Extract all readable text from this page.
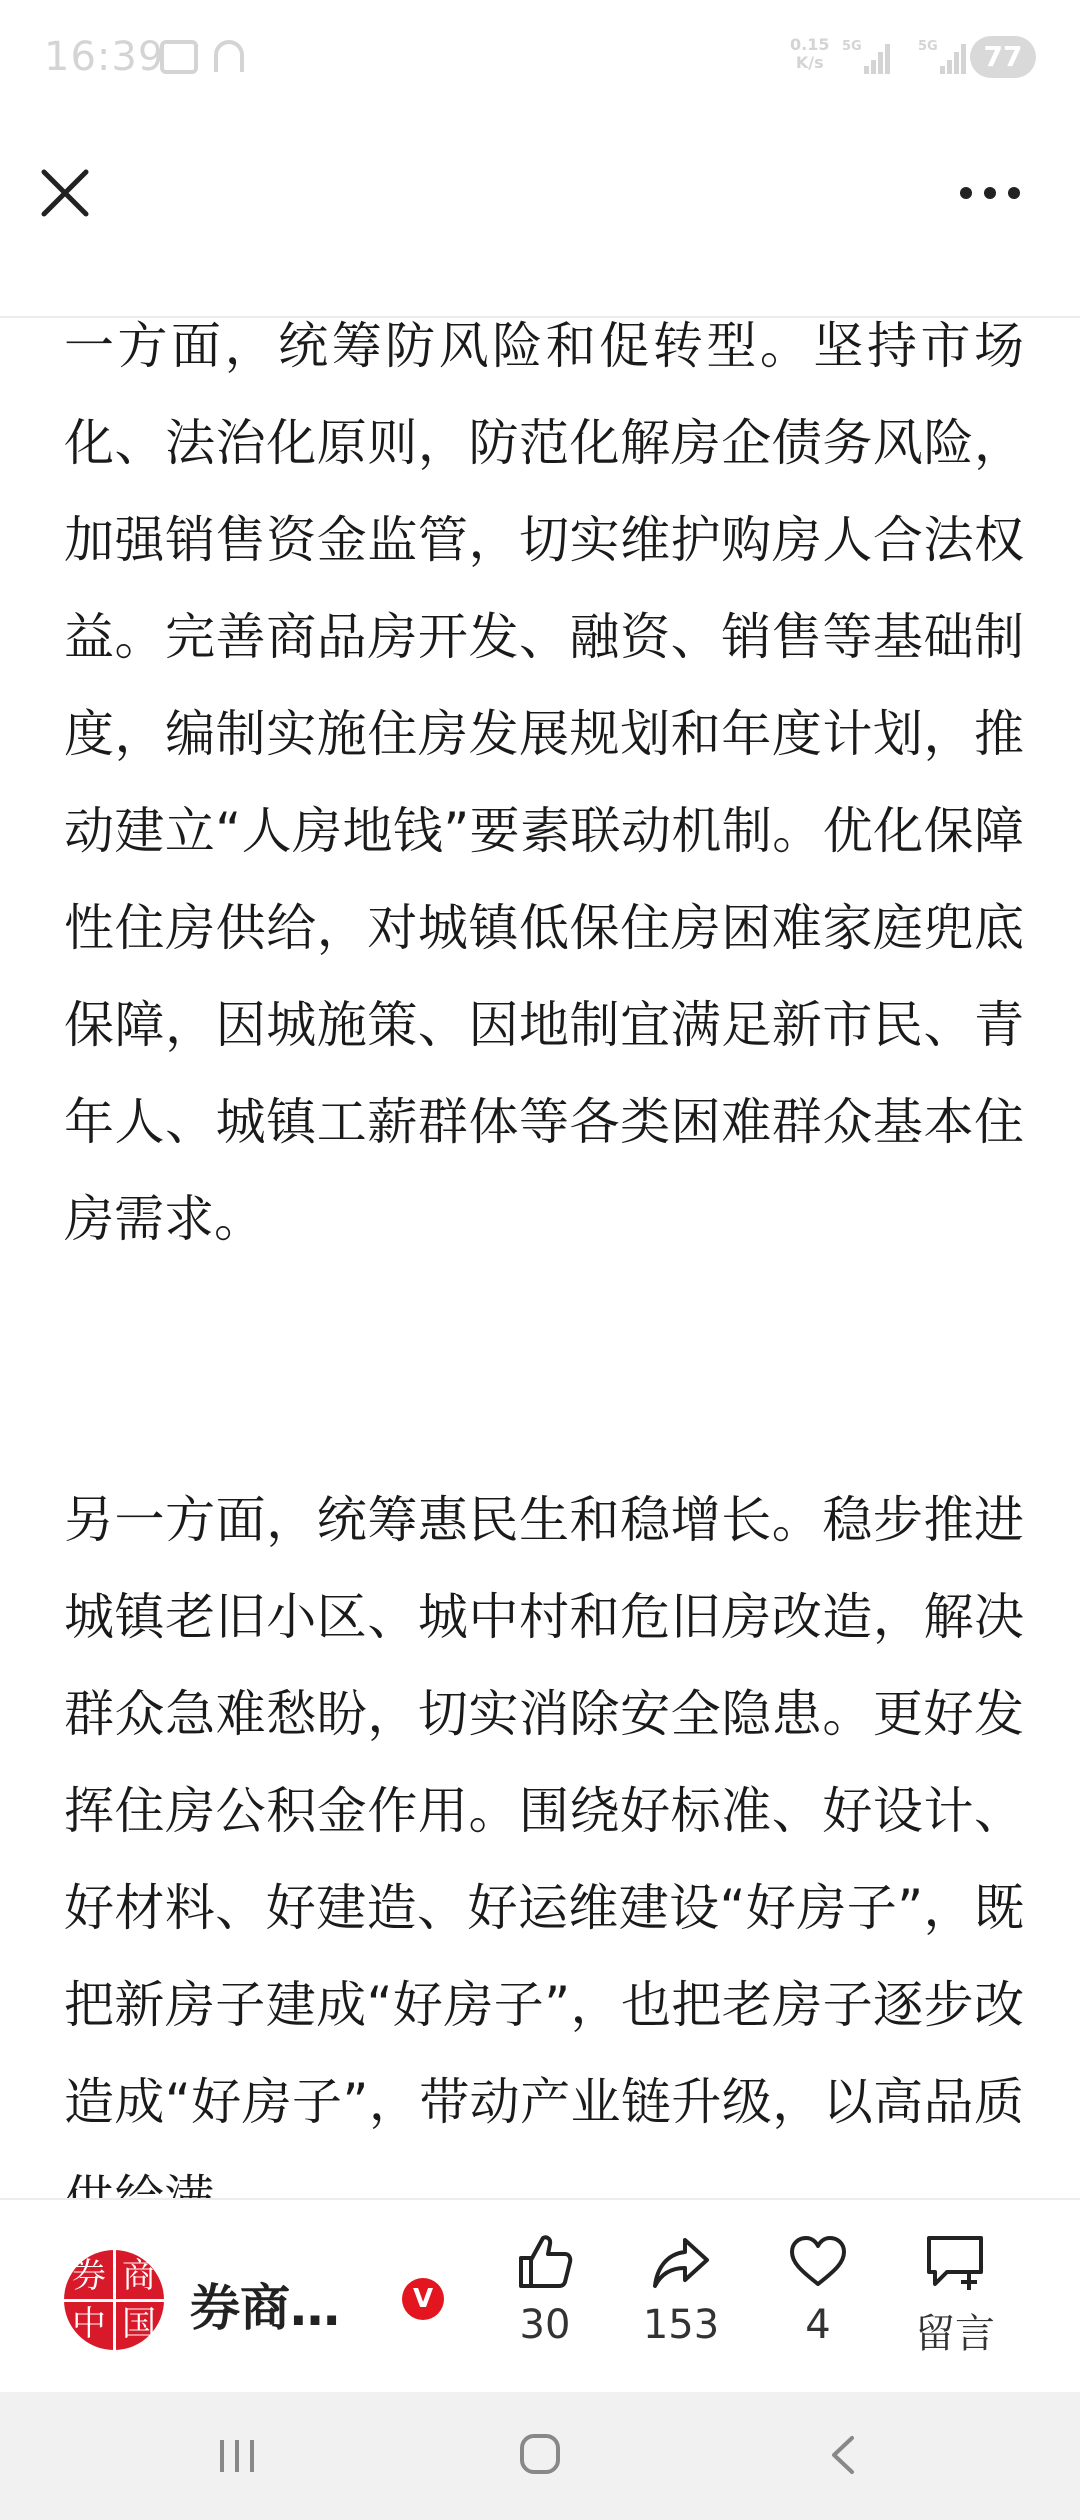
16:39	0.15
K/s
5G	5G	77

一方面，统筹防风险和促转型。坚持市场化、法治化原则，防范化解房企债务风险，加强销售资金监管，切实维护购房人合法权益。完善商品房开发、融资、销售等基础制度，编制实施住房发展规划和年度计划，推动建立“人房地钱”要素联动机制。优化保障性住房供给，对城镇低保住房困难家庭兜底保障，因城施策、因地制宜满足新市民、青年人、城镇工薪群体等各类困难群众基本住房需求。

另一方面，统筹惠民生和稳增长。稳步推进城镇老旧小区、城中村和危旧房改造，解决群众急难愁盼，切实消除安全隐患。更好发挥住房公积金作用。围绕好标准、好设计、好材料、好建造、好运维建设“好房子”，既把新房子建成“好房子”，也把老房子逐步改造成“好房子”，带动产业链升级，以高品质

券 商
中 国 券商…	V
30	153	4	留言
